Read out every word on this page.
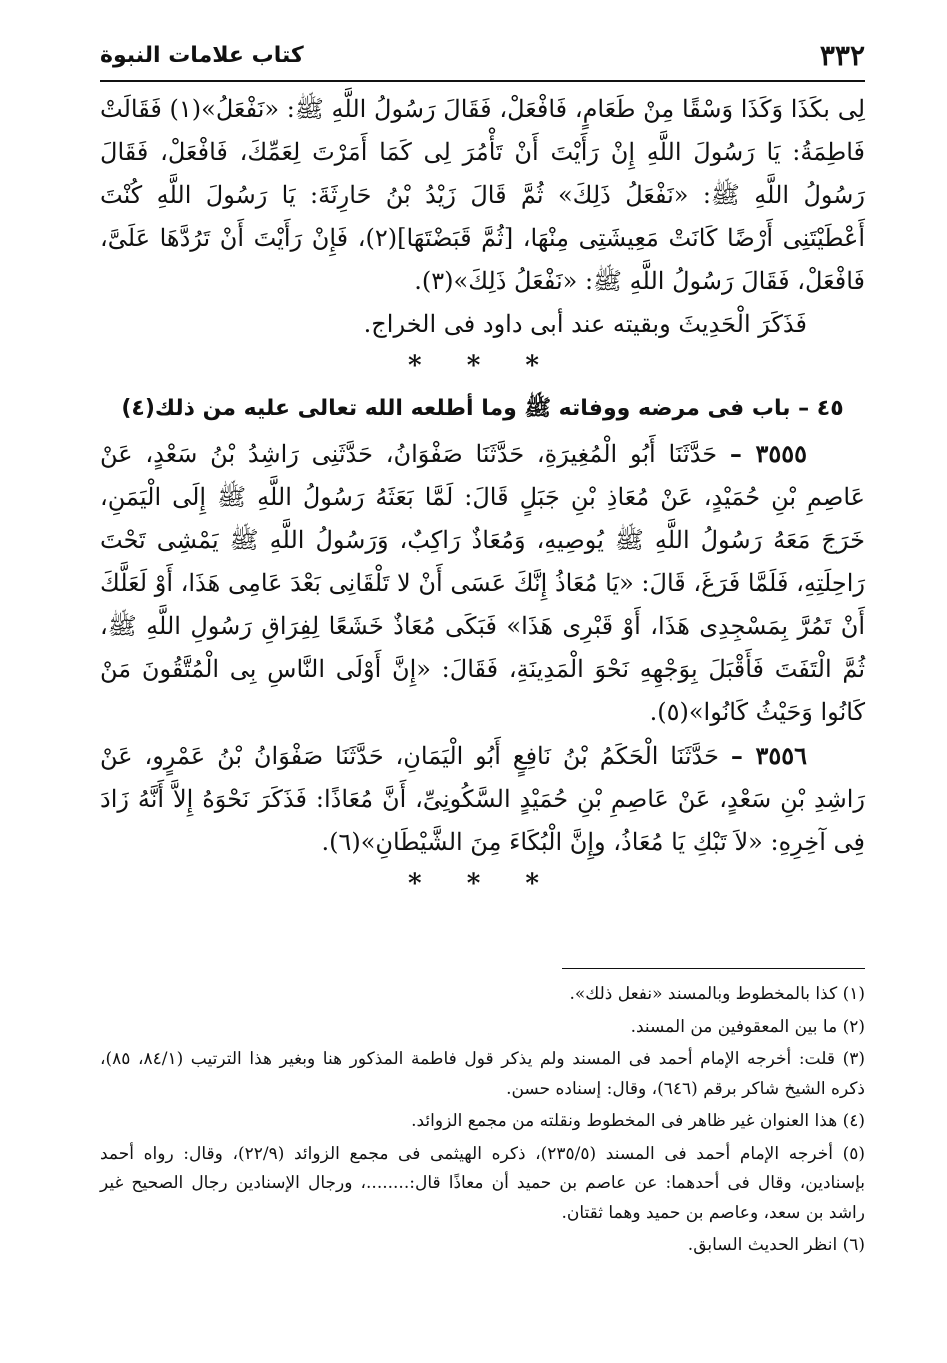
٣٣٢
كتاب علامات النبوة

لِى بكَذَا وَكَذَا وَسْقًا مِنْ طَعَامٍ، فَافْعَلْ، فَقَالَ رَسُولُ اللَّهِ ﷺ: «نَفْعَلُ»(١) فَقَالَتْ فَاطِمَةُ: يَا رَسُولَ اللَّهِ إِنْ رَأَيْتَ أَنْ تَأْمُرَ لِى كَمَا أَمَرْتَ لِعَمِّكَ، فَافْعَلْ، فَقَالَ رَسُولُ اللَّهِ ﷺ: «نَفْعَلُ ذَلِكَ» ثُمَّ قَالَ زَيْدُ بْنُ حَارِثَةَ: يَا رَسُولَ اللَّهِ كُنْتَ أَعْطَيْتَنِى أَرْضًا كَانَتْ مَعِيشَتِى مِنْهَا، [ثُمَّ قَبَضْتَهَا](٢)، فَإِنْ رَأَيْتَ أَنْ تَرُدَّهَا عَلَىَّ، فَافْعَلْ، فَقَالَ رَسُولُ اللَّهِ ﷺ: «نَفْعَلُ ذَلِكَ»(٣).

فَذَكَرَ الْحَدِيثَ وبقيته عند أبى داود فى الخراج.

* * *

٤٥ – باب فى مرضه ووفاته ﷺ وما أطلعه الله تعالى عليه من ذلك(٤)

٣٥٥٥ – حَدَّثَنَا أَبُو الْمُغِيرَةِ، حَدَّثَنَا صَفْوَانُ، حَدَّثَنِى رَاشِدُ بْنُ سَعْدٍ، عَنْ عَاصِمِ بْنِ حُمَيْدٍ، عَنْ مُعَاذِ بْنِ جَبَلٍ قَالَ: لَمَّا بَعَثَهُ رَسُولُ اللَّهِ ﷺ إِلَى الْيَمَنِ، خَرَجَ مَعَهُ رَسُولُ اللَّهِ ﷺ يُوصِيهِ، وَمُعَاذٌ رَاكِبٌ، وَرَسُولُ اللَّهِ ﷺ يَمْشِى تَحْتَ رَاحِلَتِهِ، فَلَمَّا فَرَغَ، قَالَ: «يَا مُعَاذُ إِنَّكَ عَسَى أَنْ لا تَلْقَانِى بَعْدَ عَامِى هَذَا، أَوْ لَعَلَّكَ أَنْ تَمُرَّ بِمَسْجِدِى هَذَا، أَوْ قَبْرِى هَذَا» فَبَكَى مُعَاذٌ خَشَعًا لِفِرَاقِ رَسُولِ اللَّهِ ﷺ، ثُمَّ الْتَفَتَ فَأَقْبَلَ بِوَجْهِهِ نَحْوَ الْمَدِينَةِ، فَقَالَ: «إِنَّ أَوْلَى النَّاسِ بِى الْمُتَّقُونَ مَنْ كَانُوا وَحَيْثُ كَانُوا»(٥).

٣٥٥٦ – حَدَّثَنَا الْحَكَمُ بْنُ نَافِعٍ أَبُو الْيَمَانِ، حَدَّثَنَا صَفْوَانُ بْنُ عَمْرٍو، عَنْ رَاشِدِ بْنِ سَعْدٍ، عَنْ عَاصِمِ بْنِ حُمَيْدٍ السَّكُونِىِّ، أَنَّ مُعَاذًا: فَذَكَرَ نَحْوَهُ إِلاَّ أَنَّهُ زَادَ فِى آخِرِهِ: «لاَ تَبْكِ يَا مُعَاذُ، وإِنَّ الْبُكَاءَ مِنَ الشَّيْطَانِ»(٦).

* * *

(١) كذا بالمخطوط وبالمسند «نفعل ذلك».

(٢) ما بين المعقوفين من المسند.

(٣) قلت: أخرجه الإمام أحمد فى المسند ولم يذكر قول فاطمة المذكور هنا وبغير هذا الترتيب (٨٤/١، ٨٥)، ذكره الشيخ شاكر برقم (٦٤٦)، وقال: إسناده حسن.

(٤) هذا العنوان غير ظاهر فى المخطوط ونقلته من مجمع الزوائد.

(٥) أخرجه الإمام أحمد فى المسند (٢٣٥/٥)، ذكره الهيثمى فى مجمع الزوائد (٢٢/٩)، وقال: رواه أحمد بإسنادين، وقال فى أحدهما: عن عاصم بن حميد أن معاذًا قال:........، ورجال الإسنادين رجال الصحيح غير راشد بن سعد، وعاصم بن حميد وهما ثقتان.

(٦) انظر الحديث السابق.
